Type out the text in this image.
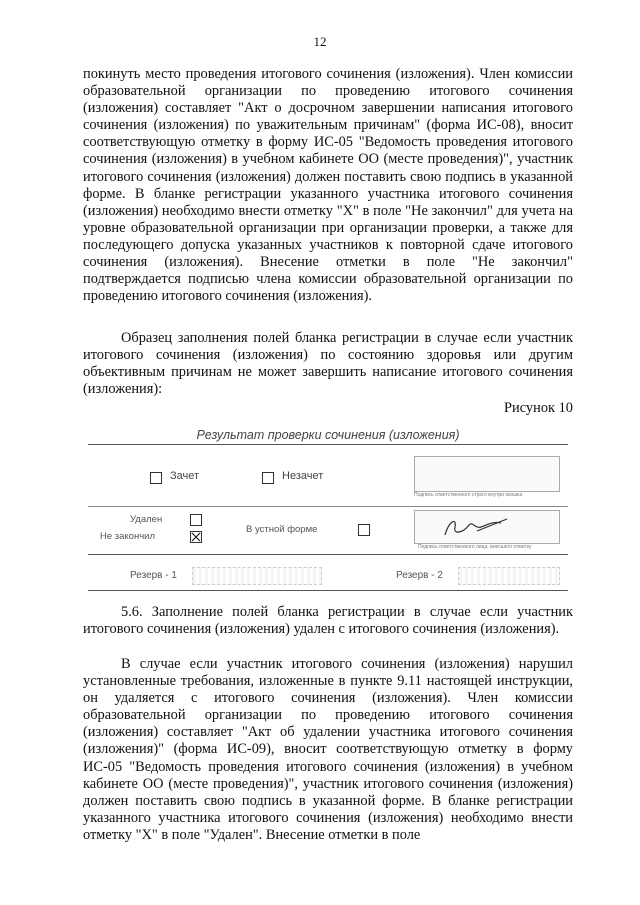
12

покинуть место проведения итогового сочинения (изложения). Член комиссии образовательной организации по проведению итогового сочинения (изложения) составляет "Акт о досрочном завершении написания итогового сочинения (изложения) по уважительным причинам" (форма ИС-08), вносит соответствующую отметку в форму ИС-05 "Ведомость проведения итогового сочинения (изложения) в учебном кабинете ОО (месте проведения)", участник итогового сочинения (изложения) должен поставить свою подпись в указанной форме. В бланке регистрации указанного участника итогового сочинения (изложения) необходимо внести отметку "X" в поле "Не закончил" для учета на уровне образовательной организации при организации проверки, а также для последующего допуска указанных участников к повторной сдаче итогового сочинения (изложения). Внесение отметки в поле "Не закончил" подтверждается подписью члена комиссии образовательной организации по проведению итогового сочинения (изложения).

Образец заполнения полей бланка регистрации в случае если участник итогового сочинения (изложения) по состоянию здоровья или другим объективным причинам не может завершить написание итогового сочинения (изложения):

Рисунок 10
Результат проверки сочинения (изложения)
Зачет	Незачет
Подпись ответственного строго внутри окошка
Удален
Не закончил
В устной форме
Подпись ответственного лица, внесшего отметку
Резерв - 1	Резерв - 2

5.6. Заполнение полей бланка регистрации в случае если участник итогового сочинения (изложения) удален с итогового сочинения (изложения).

В случае если участник итогового сочинения (изложения) нарушил установленные требования, изложенные в пункте 9.11 настоящей инструкции, он удаляется с итогового сочинения (изложения). Член комиссии образовательной организации по проведению итогового сочинения (изложения) составляет "Акт об удалении участника итогового сочинения (изложения)" (форма ИС-09), вносит соответствующую отметку в форму ИС-05 "Ведомость проведения итогового сочинения (изложения) в учебном кабинете ОО (месте проведения)", участник итогового сочинения (изложения) должен поставить свою подпись в указанной форме. В бланке регистрации указанного участника итогового сочинения (изложения) необходимо внести отметку "X" в поле "Удален". Внесение отметки в поле
